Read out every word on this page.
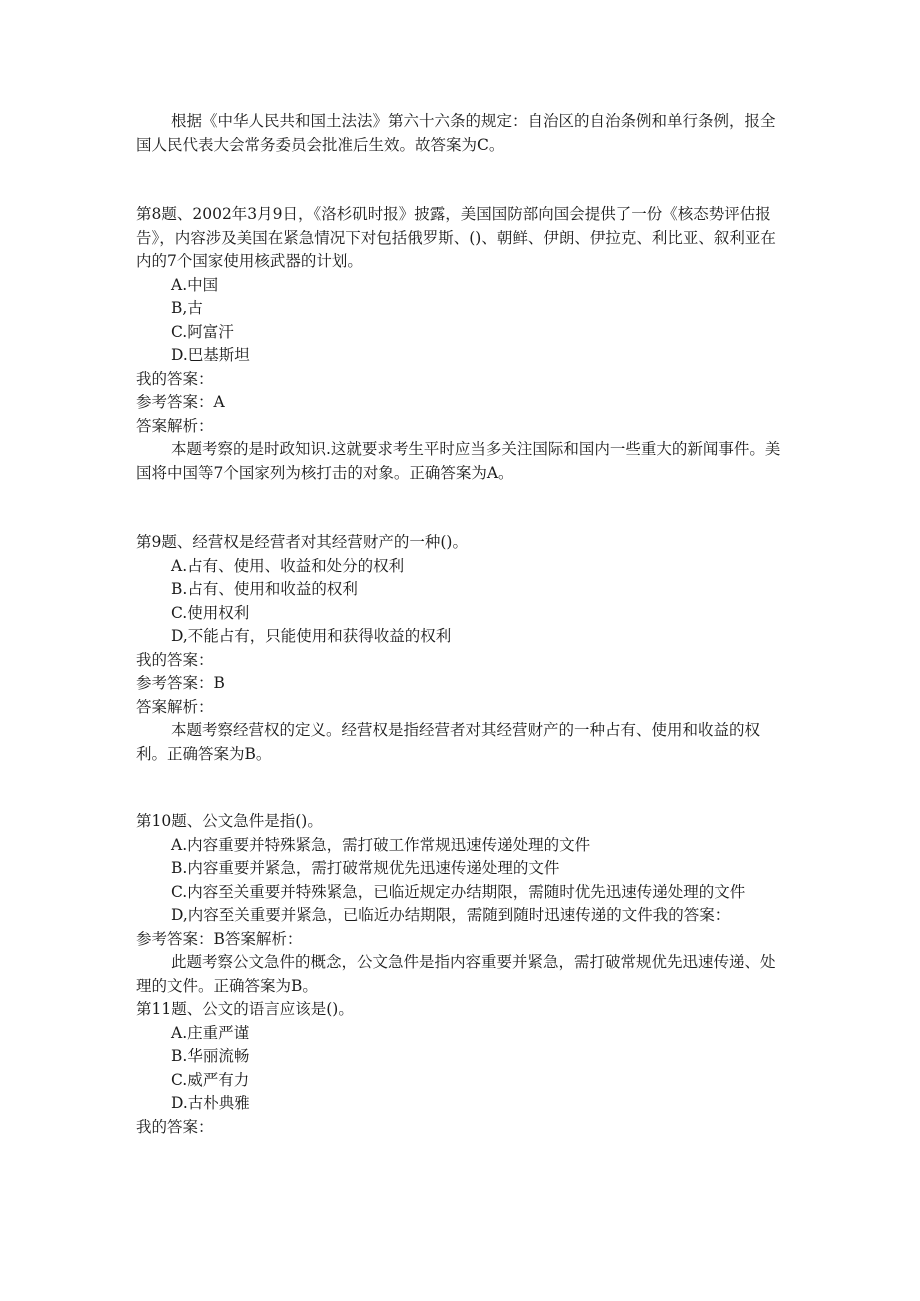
根据《中华人民共和国土法法》第六十六条的规定：自治区的自治条例和单行条例，报全国人民代表大会常务委员会批准后生效。故答案为C。

第8题、2002年3月9日，《洛杉矶时报》披露，美国国防部向国会提供了一份《核态势评估报告》，内容涉及美国在紧急情况下对包括俄罗斯、()、朝鲜、伊朗、伊拉克、利比亚、叙利亚在内的7个国家使用核武器的计划。

A.中国

B,古

C.阿富汗

D.巴基斯坦

我的答案：

参考答案：A

答案解析：

本题考察的是时政知识.这就要求考生平时应当多关注国际和国内一些重大的新闻事件。美国将中国等7个国家列为核打击的对象。正确答案为A。

第9题、经营权是经营者对其经营财产的一种()。

A.占有、使用、收益和处分的权利

B.占有、使用和收益的权利

C.使用权利

D,不能占有，只能使用和获得收益的权利

我的答案：

参考答案：B

答案解析：

本题考察经营权的定义。经营权是指经营者对其经营财产的一种占有、使用和收益的权利。正确答案为B。

第10题、公文急件是指()。

A.内容重要并特殊紧急，需打破工作常规迅速传递处理的文件

B.内容重要并紧急，需打破常规优先迅速传递处理的文件

C.内容至关重要并特殊紧急，已临近规定办结期限，需随时优先迅速传递处理的文件

D,内容至关重要并紧急，已临近办结期限，需随到随时迅速传递的文件我的答案：

参考答案：B答案解析：

此题考察公文急件的概念，公文急件是指内容重要并紧急，需打破常规优先迅速传递、处理的文件。正确答案为B。

第11题、公文的语言应该是()。

A.庄重严谨

B.华丽流畅

C.威严有力

D.古朴典雅

我的答案：
